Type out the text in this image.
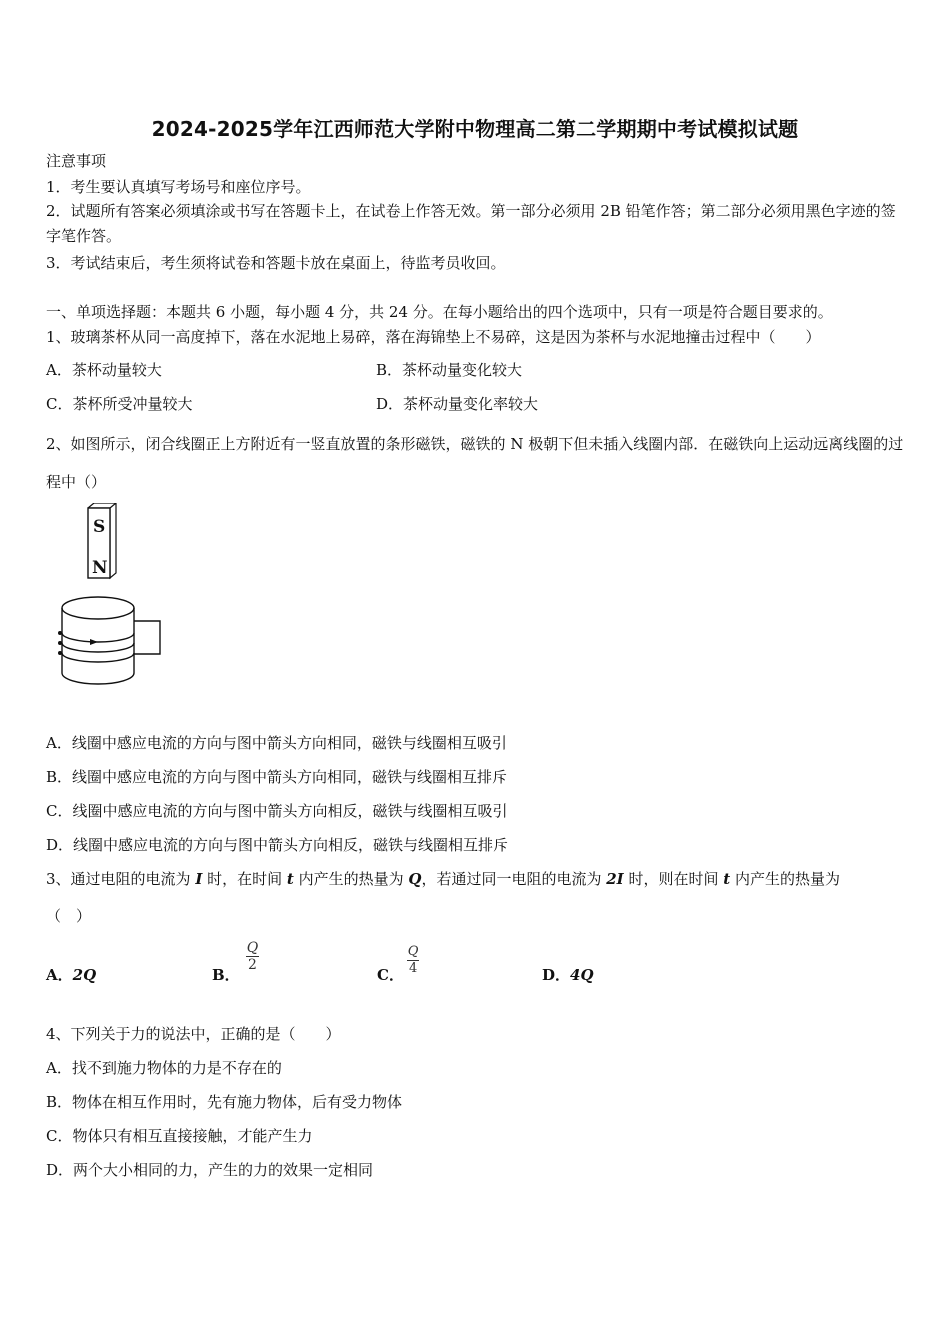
2024-2025学年江西师范大学附中物理高二第二学期期中考试模拟试题
注意事项
1．考生要认真填写考场号和座位序号。
2．试题所有答案必须填涂或书写在答题卡上，在试卷上作答无效。第一部分必须用 2B 铅笔作答；第二部分必须用黑色字迹的签字笔作答。
3．考试结束后，考生须将试卷和答题卡放在桌面上，待监考员收回。
一、单项选择题：本题共 6 小题，每小题 4 分，共 24 分。在每小题给出的四个选项中，只有一项是符合题目要求的。
1、玻璃茶杯从同一高度掉下，落在水泥地上易碎，落在海锦垫上不易碎，这是因为茶杯与水泥地撞击过程中（　　）
A．茶杯动量较大	B．茶杯动量变化较大
C．茶杯所受冲量较大	D．茶杯动量变化率较大
2、如图所示，闭合线圈正上方附近有一竖直放置的条形磁铁，磁铁的 N 极朝下但未插入线圈内部．在磁铁向上运动远离线圈的过程中（）
S
N
A．线圈中感应电流的方向与图中箭头方向相同，磁铁与线圈相互吸引
B．线圈中感应电流的方向与图中箭头方向相同，磁铁与线圈相互排斥
C．线圈中感应电流的方向与图中箭头方向相反，磁铁与线圈相互吸引
D．线圈中感应电流的方向与图中箭头方向相反，磁铁与线圈相互排斥
3、通过电阻的电流为 I 时，在时间 t 内产生的热量为 Q，若通过同一电阻的电流为 2I 时，则在时间 t 内产生的热量为
（　）
A．2Q	B．
$\frac{Q}{2}$
C． $\frac{Q}{4}$	D．4Q
4、下列关于力的说法中，正确的是（　　）
A．找不到施力物体的力是不存在的
B．物体在相互作用时，先有施力物体，后有受力物体
C．物体只有相互直接接触，才能产生力
D．两个大小相同的力，产生的力的效果一定相同
